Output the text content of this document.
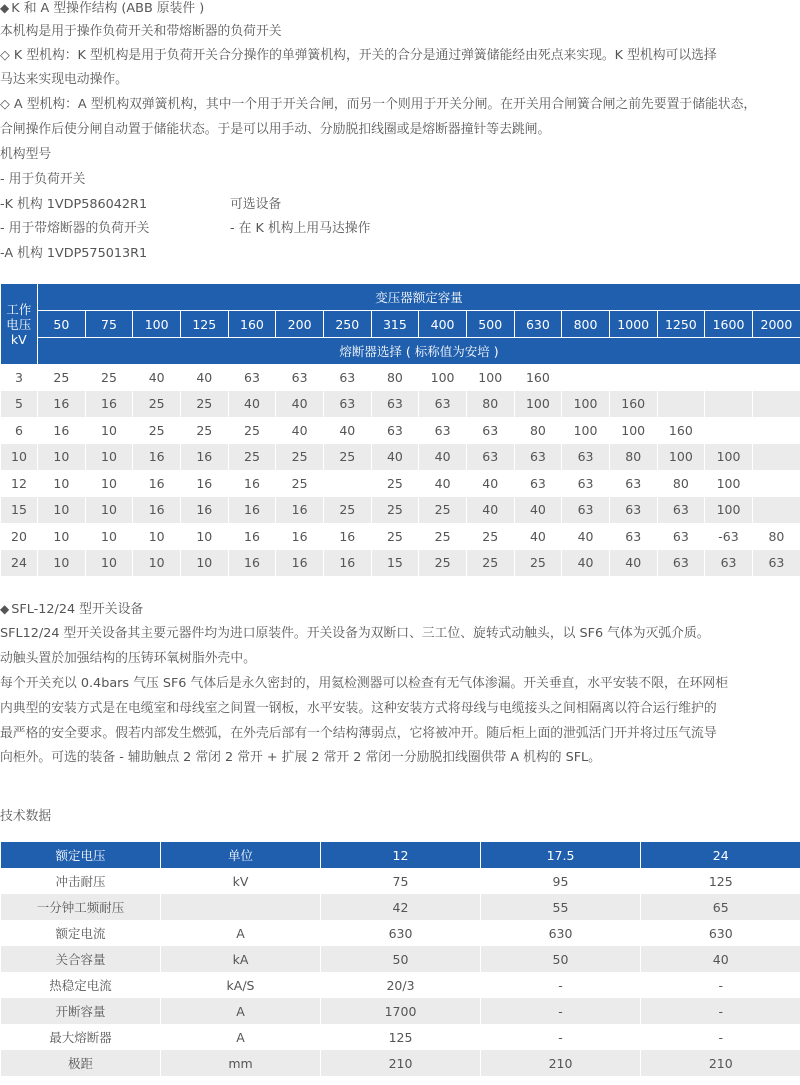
◆ K 和 A 型操作结构 (ABB 原装件 )
本机构是用于操作负荷开关和带熔断器的负荷开关
◇ K 型机构：K 型机构是用于负荷开关合分操作的单弹簧机构，开关的合分是通过弹簧储能经由死点来实现。K 型机构可以选择
马达来实现电动操作。
◇ A 型机构：A 型机构双弹簧机构，其中一个用于开关合闸，而另一个则用于开关分闸。在开关用合闸簧合闸之前先要置于储能状态，
合闸操作后使分闸自动置于储能状态。于是可以用手动、分励脱扣线圈或是熔断器撞针等去跳闸。
机构型号
- 用于负荷开关
-K 机构 1VDP586042R1	可选设备
- 用于带熔断器的负荷开关	- 在 K 机构上用马达操作
-A 机构 1VDP575013R1
工作电压kV	变压器额定容量															
	50	75	100	125	160	200	250	315	400	500	630	800	1000	1250	1600	2000
	熔断器选择 ( 标称值为安培 )															
3	25	25	40	40	63	63	63	80	100	100	160					
5	16	16	25	25	40	40	63	63	63	80	100	100	160			
6	16	10	25	25	25	40	40	63	63	63	80	100	100	160		
10	10	10	16	16	25	25	25	40	40	63	63	63	80	100	100	
12	10	10	16	16	16	25		25	40	40	63	63	63	80	100	
15	10	10	16	16	16	16	25	25	25	40	40	63	63	63	100	
20	10	10	10	10	16	16	16	25	25	25	40	40	63	63	-63	80
24	10	10	10	10	16	16	16	15	25	25	25	40	40	63	63	63
◆ SFL-12/24 型开关设备
SFL12/24 型开关设备其主要元器件均为进口原装件。开关设备为双断口、三工位、旋转式动触头，以 SF6 气体为灭弧介质。
动触头置於加强结构的压铸环氧树脂外壳中。
每个开关充以 0.4bars 气压 SF6 气体后是永久密封的，用氦检测器可以检查有无气体渗漏。开关垂直，水平安装不限，在环网柜
内典型的安装方式是在电缆室和母线室之间置一钢板，水平安装。这种安装方式将母线与电缆接头之间相隔离以符合运行维护的
最严格的安全要求。假若内部发生燃弧，在外壳后部有一个结构薄弱点，它将被冲开。随后柜上面的泄弧活门开并将过压气流导
向柜外。可选的装备 - 辅助触点 2 常闭 2 常开 + 扩展 2 常开 2 常闭一分励脱扣线圈供带 A 机构的 SFL。
技术数据
额定电压	单位	12	17.5	24
冲击耐压	kV	75	95	125
一分钟工频耐压		42	55	65
额定电流	A	630	630	630
关合容量	kA	50	50	40
热稳定电流	kA/S	20/3	-	-
开断容量	A	1700	-	-
最大熔断器	A	125	-	-
极距	mm	210	210	210
